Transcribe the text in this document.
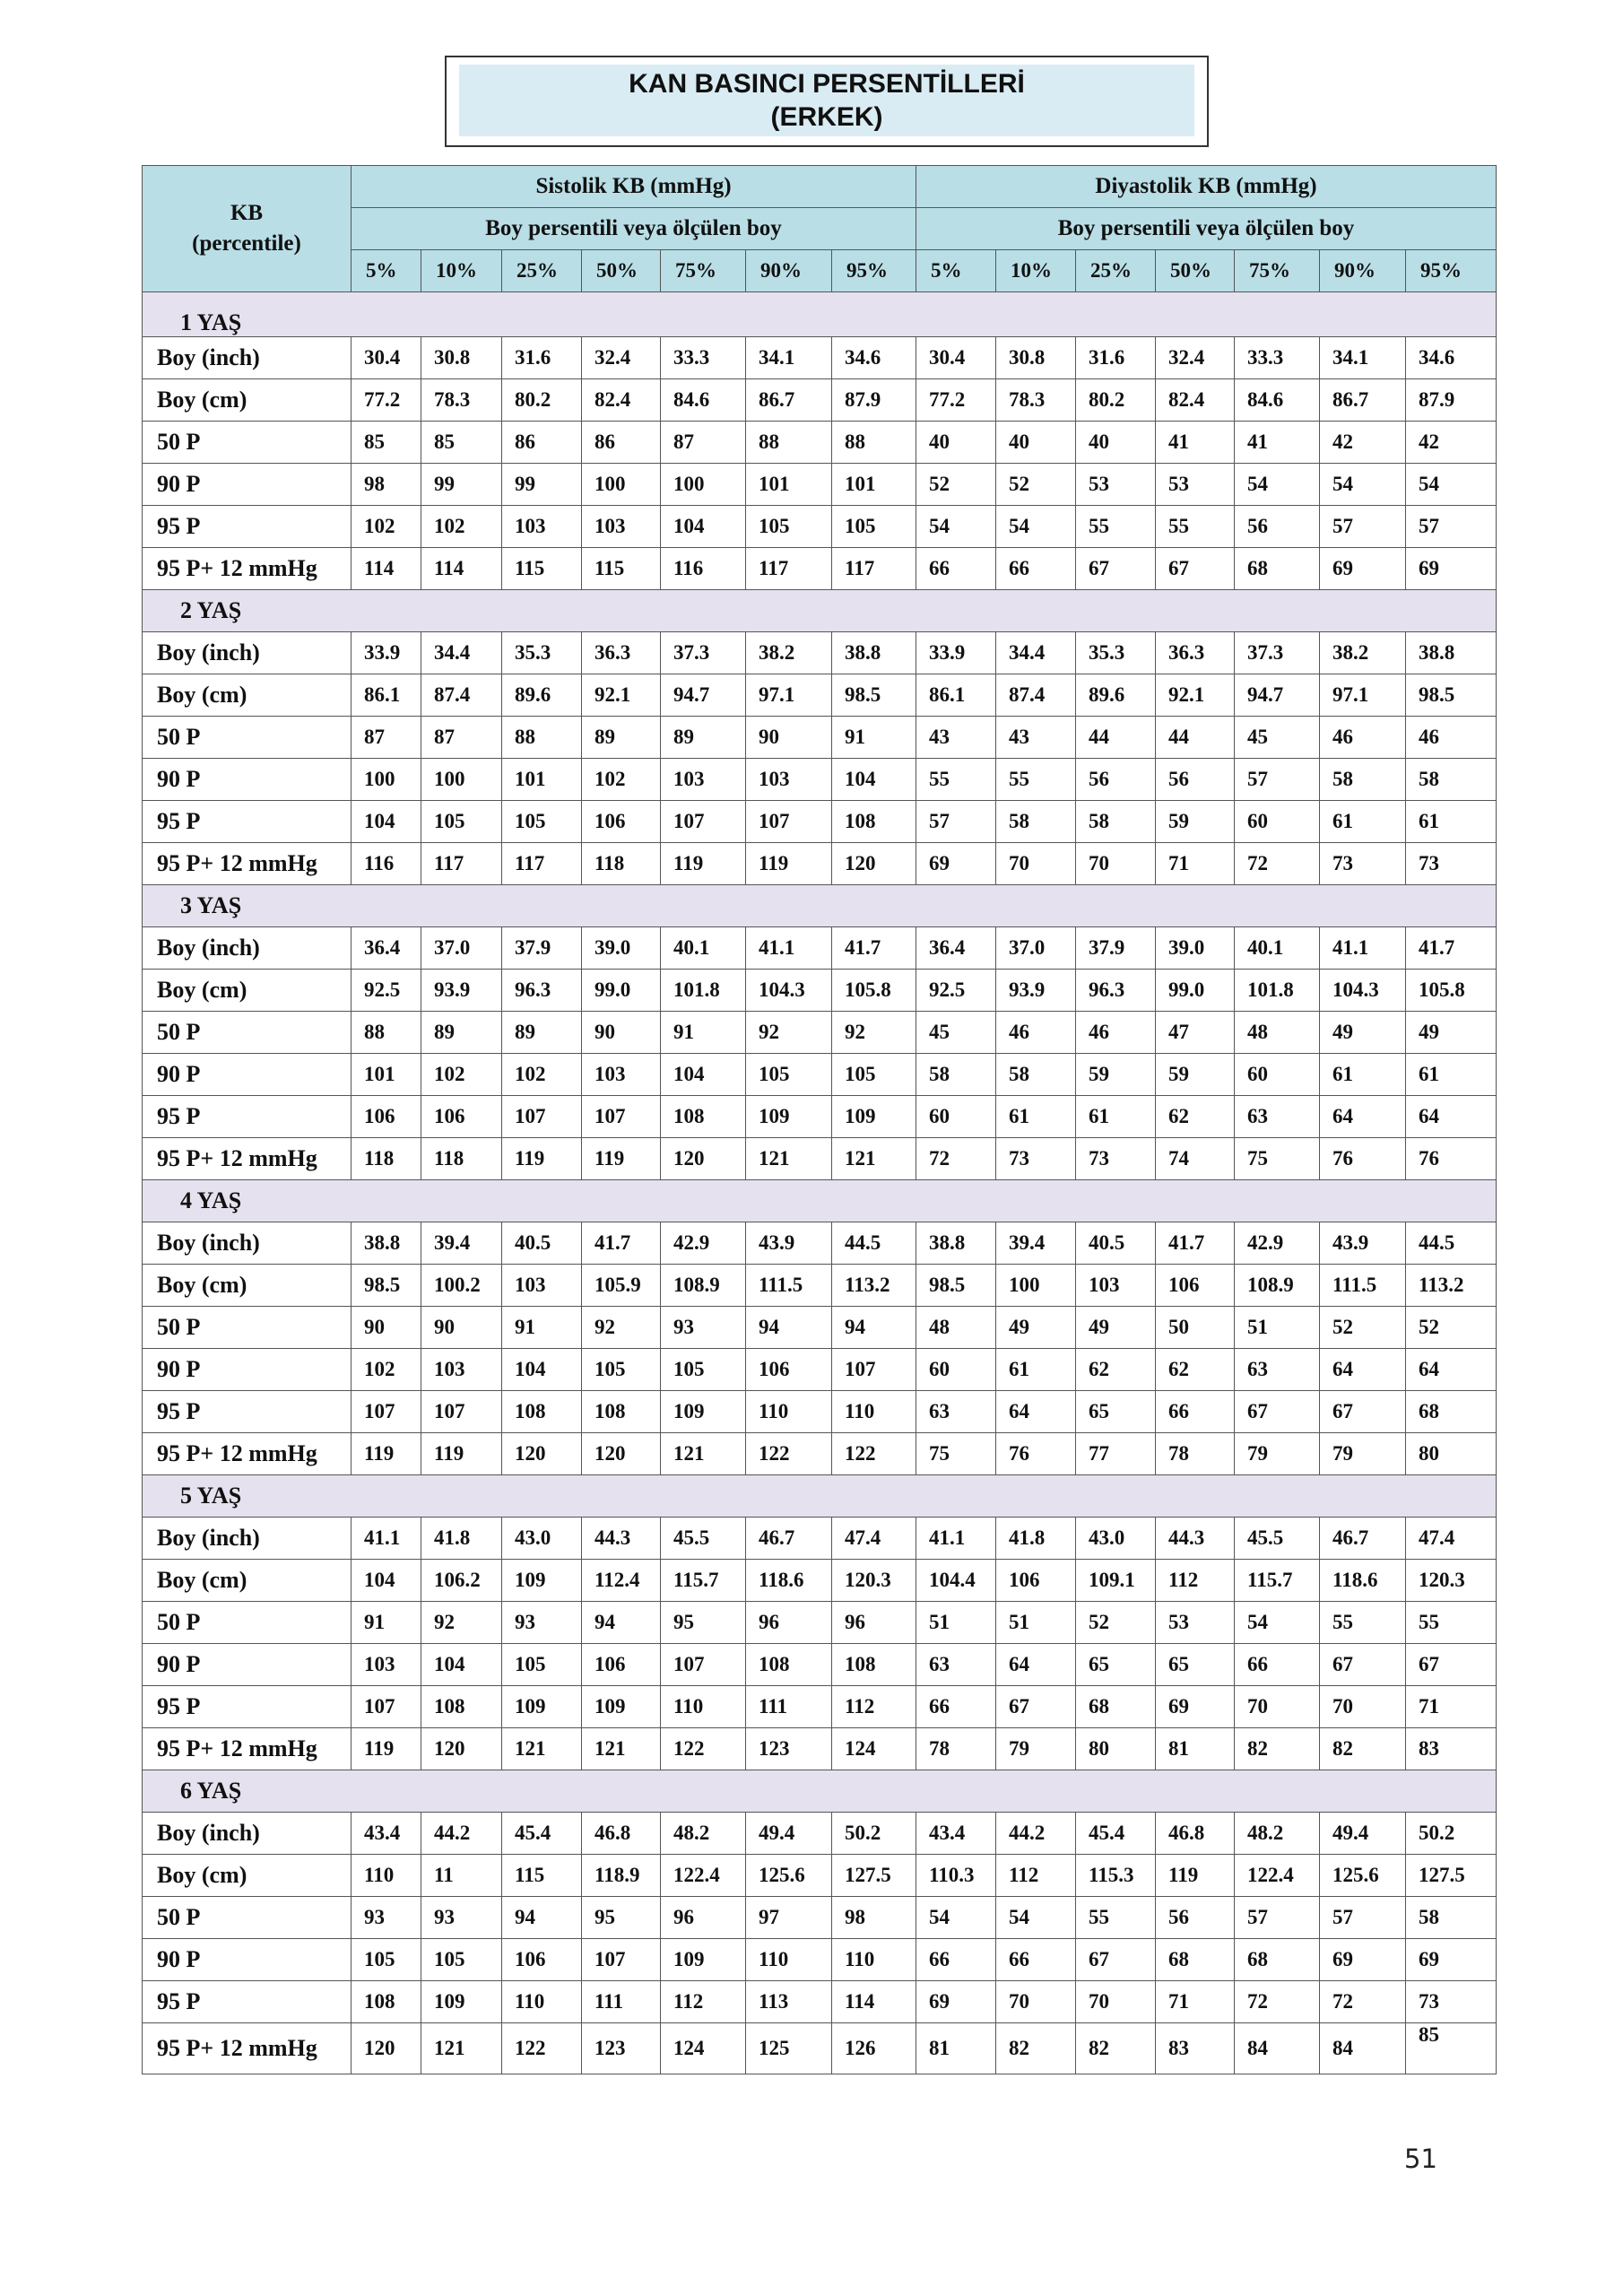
KAN BASINCI PERSENTİLLERİ
(ERKEK)
KB
(percentile)	Sistolik KB (mmHg)							Diyastolik KB (mmHg)						
	Boy persentili veya ölçülen boy							Boy persentili veya ölçülen boy						
	5%	10%	25%	50%	75%	90%	95%	5%	10%	25%	50%	75%	90%	95%

1 YAŞ														
Boy (inch)	30.4	30.8	31.6	32.4	33.3	34.1	34.6	30.4	30.8	31.6	32.4	33.3	34.1	34.6
Boy (cm)	77.2	78.3	80.2	82.4	84.6	86.7	87.9	77.2	78.3	80.2	82.4	84.6	86.7	87.9
50 P	85	85	86	86	87	88	88	40	40	40	41	41	42	42
90 P	98	99	99	100	100	101	101	52	52	53	53	54	54	54
95 P	102	102	103	103	104	105	105	54	54	55	55	56	57	57
95 P+ 12 mmHg	114	114	115	115	116	117	117	66	66	67	67	68	69	69
2 YAŞ														
Boy (inch)	33.9	34.4	35.3	36.3	37.3	38.2	38.8	33.9	34.4	35.3	36.3	37.3	38.2	38.8
Boy (cm)	86.1	87.4	89.6	92.1	94.7	97.1	98.5	86.1	87.4	89.6	92.1	94.7	97.1	98.5
50 P	87	87	88	89	89	90	91	43	43	44	44	45	46	46
90 P	100	100	101	102	103	103	104	55	55	56	56	57	58	58
95 P	104	105	105	106	107	107	108	57	58	58	59	60	61	61
95 P+ 12 mmHg	116	117	117	118	119	119	120	69	70	70	71	72	73	73
3 YAŞ														
Boy (inch)	36.4	37.0	37.9	39.0	40.1	41.1	41.7	36.4	37.0	37.9	39.0	40.1	41.1	41.7
Boy (cm)	92.5	93.9	96.3	99.0	101.8	104.3	105.8	92.5	93.9	96.3	99.0	101.8	104.3	105.8
50 P	88	89	89	90	91	92	92	45	46	46	47	48	49	49
90 P	101	102	102	103	104	105	105	58	58	59	59	60	61	61
95 P	106	106	107	107	108	109	109	60	61	61	62	63	64	64
95 P+ 12 mmHg	118	118	119	119	120	121	121	72	73	73	74	75	76	76
4 YAŞ														
Boy (inch)	38.8	39.4	40.5	41.7	42.9	43.9	44.5	38.8	39.4	40.5	41.7	42.9	43.9	44.5
Boy (cm)	98.5	100.2	103	105.9	108.9	111.5	113.2	98.5	100	103	106	108.9	111.5	113.2
50 P	90	90	91	92	93	94	94	48	49	49	50	51	52	52
90 P	102	103	104	105	105	106	107	60	61	62	62	63	64	64
95 P	107	107	108	108	109	110	110	63	64	65	66	67	67	68
95 P+ 12 mmHg	119	119	120	120	121	122	122	75	76	77	78	79	79	80
5 YAŞ														
Boy (inch)	41.1	41.8	43.0	44.3	45.5	46.7	47.4	41.1	41.8	43.0	44.3	45.5	46.7	47.4
Boy (cm)	104	106.2	109	112.4	115.7	118.6	120.3	104.4	106	109.1	112	115.7	118.6	120.3
50 P	91	92	93	94	95	96	96	51	51	52	53	54	55	55
90 P	103	104	105	106	107	108	108	63	64	65	65	66	67	67
95 P	107	108	109	109	110	111	112	66	67	68	69	70	70	71
95 P+ 12 mmHg	119	120	121	121	122	123	124	78	79	80	81	82	82	83
6 YAŞ														
Boy (inch)	43.4	44.2	45.4	46.8	48.2	49.4	50.2	43.4	44.2	45.4	46.8	48.2	49.4	50.2
Boy (cm)	110	11	115	118.9	122.4	125.6	127.5	110.3	112	115.3	119	122.4	125.6	127.5
50 P	93	93	94	95	96	97	98	54	54	55	56	57	57	58
90 P	105	105	106	107	109	110	110	66	66	67	68	68	69	69
95 P	108	109	110	111	112	113	114	69	70	70	71	72	72	73
95 P+ 12 mmHg	120	121	122	123	124	125	126	81	82	82	83	84	84	85
51
